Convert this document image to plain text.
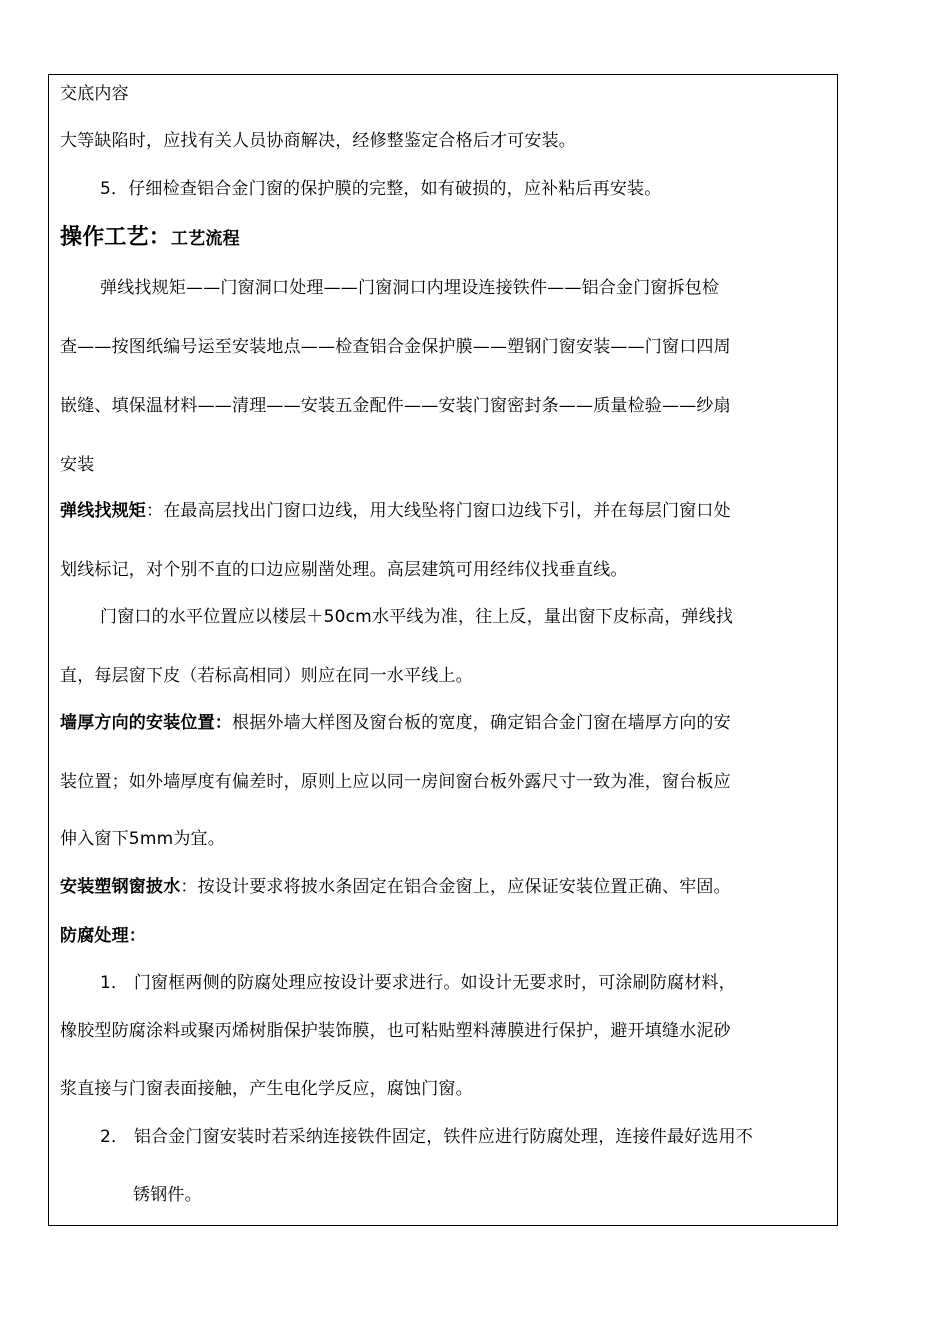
交底内容
大等缺陷时，应找有关人员协商解决，经修整鉴定合格后才可安装。
5．仔细检查铝合金门窗的保护膜的完整，如有破损的，应补粘后再安装。
操作工艺：工艺流程
弹线找规矩——门窗洞口处理——门窗洞口内埋设连接铁件——铝合金门窗拆包检
查——按图纸编号运至安装地点——检查铝合金保护膜——塑钢门窗安装——门窗口四周
嵌缝、填保温材料——清理——安装五金配件——安装门窗密封条——质量检验——纱扇
安装
弹线找规矩：在最高层找出门窗口边线，用大线坠将门窗口边线下引，并在每层门窗口处
划线标记，对个别不直的口边应剔凿处理。高层建筑可用经纬仪找垂直线。
门窗口的水平位置应以楼层＋50cm水平线为准，往上反，量出窗下皮标高，弹线找
直，每层窗下皮（若标高相同）则应在同一水平线上。
墙厚方向的安装位置：根据外墙大样图及窗台板的宽度，确定铝合金门窗在墙厚方向的安
装位置；如外墙厚度有偏差时，原则上应以同一房间窗台板外露尺寸一致为准，窗台板应
伸入窗下5mm为宜。
安装塑钢窗披水：按设计要求将披水条固定在铝合金窗上，应保证安装位置正确、牢固。
防腐处理：
1． 门窗框两侧的防腐处理应按设计要求进行。如设计无要求时，可涂刷防腐材料，
橡胶型防腐涂料或聚丙烯树脂保护装饰膜，也可粘贴塑料薄膜进行保护，避开填缝水泥砂
浆直接与门窗表面接触，产生电化学反应，腐蚀门窗。
2． 铝合金门窗安装时若采纳连接铁件固定，铁件应进行防腐处理，连接件最好选用不
锈钢件。
